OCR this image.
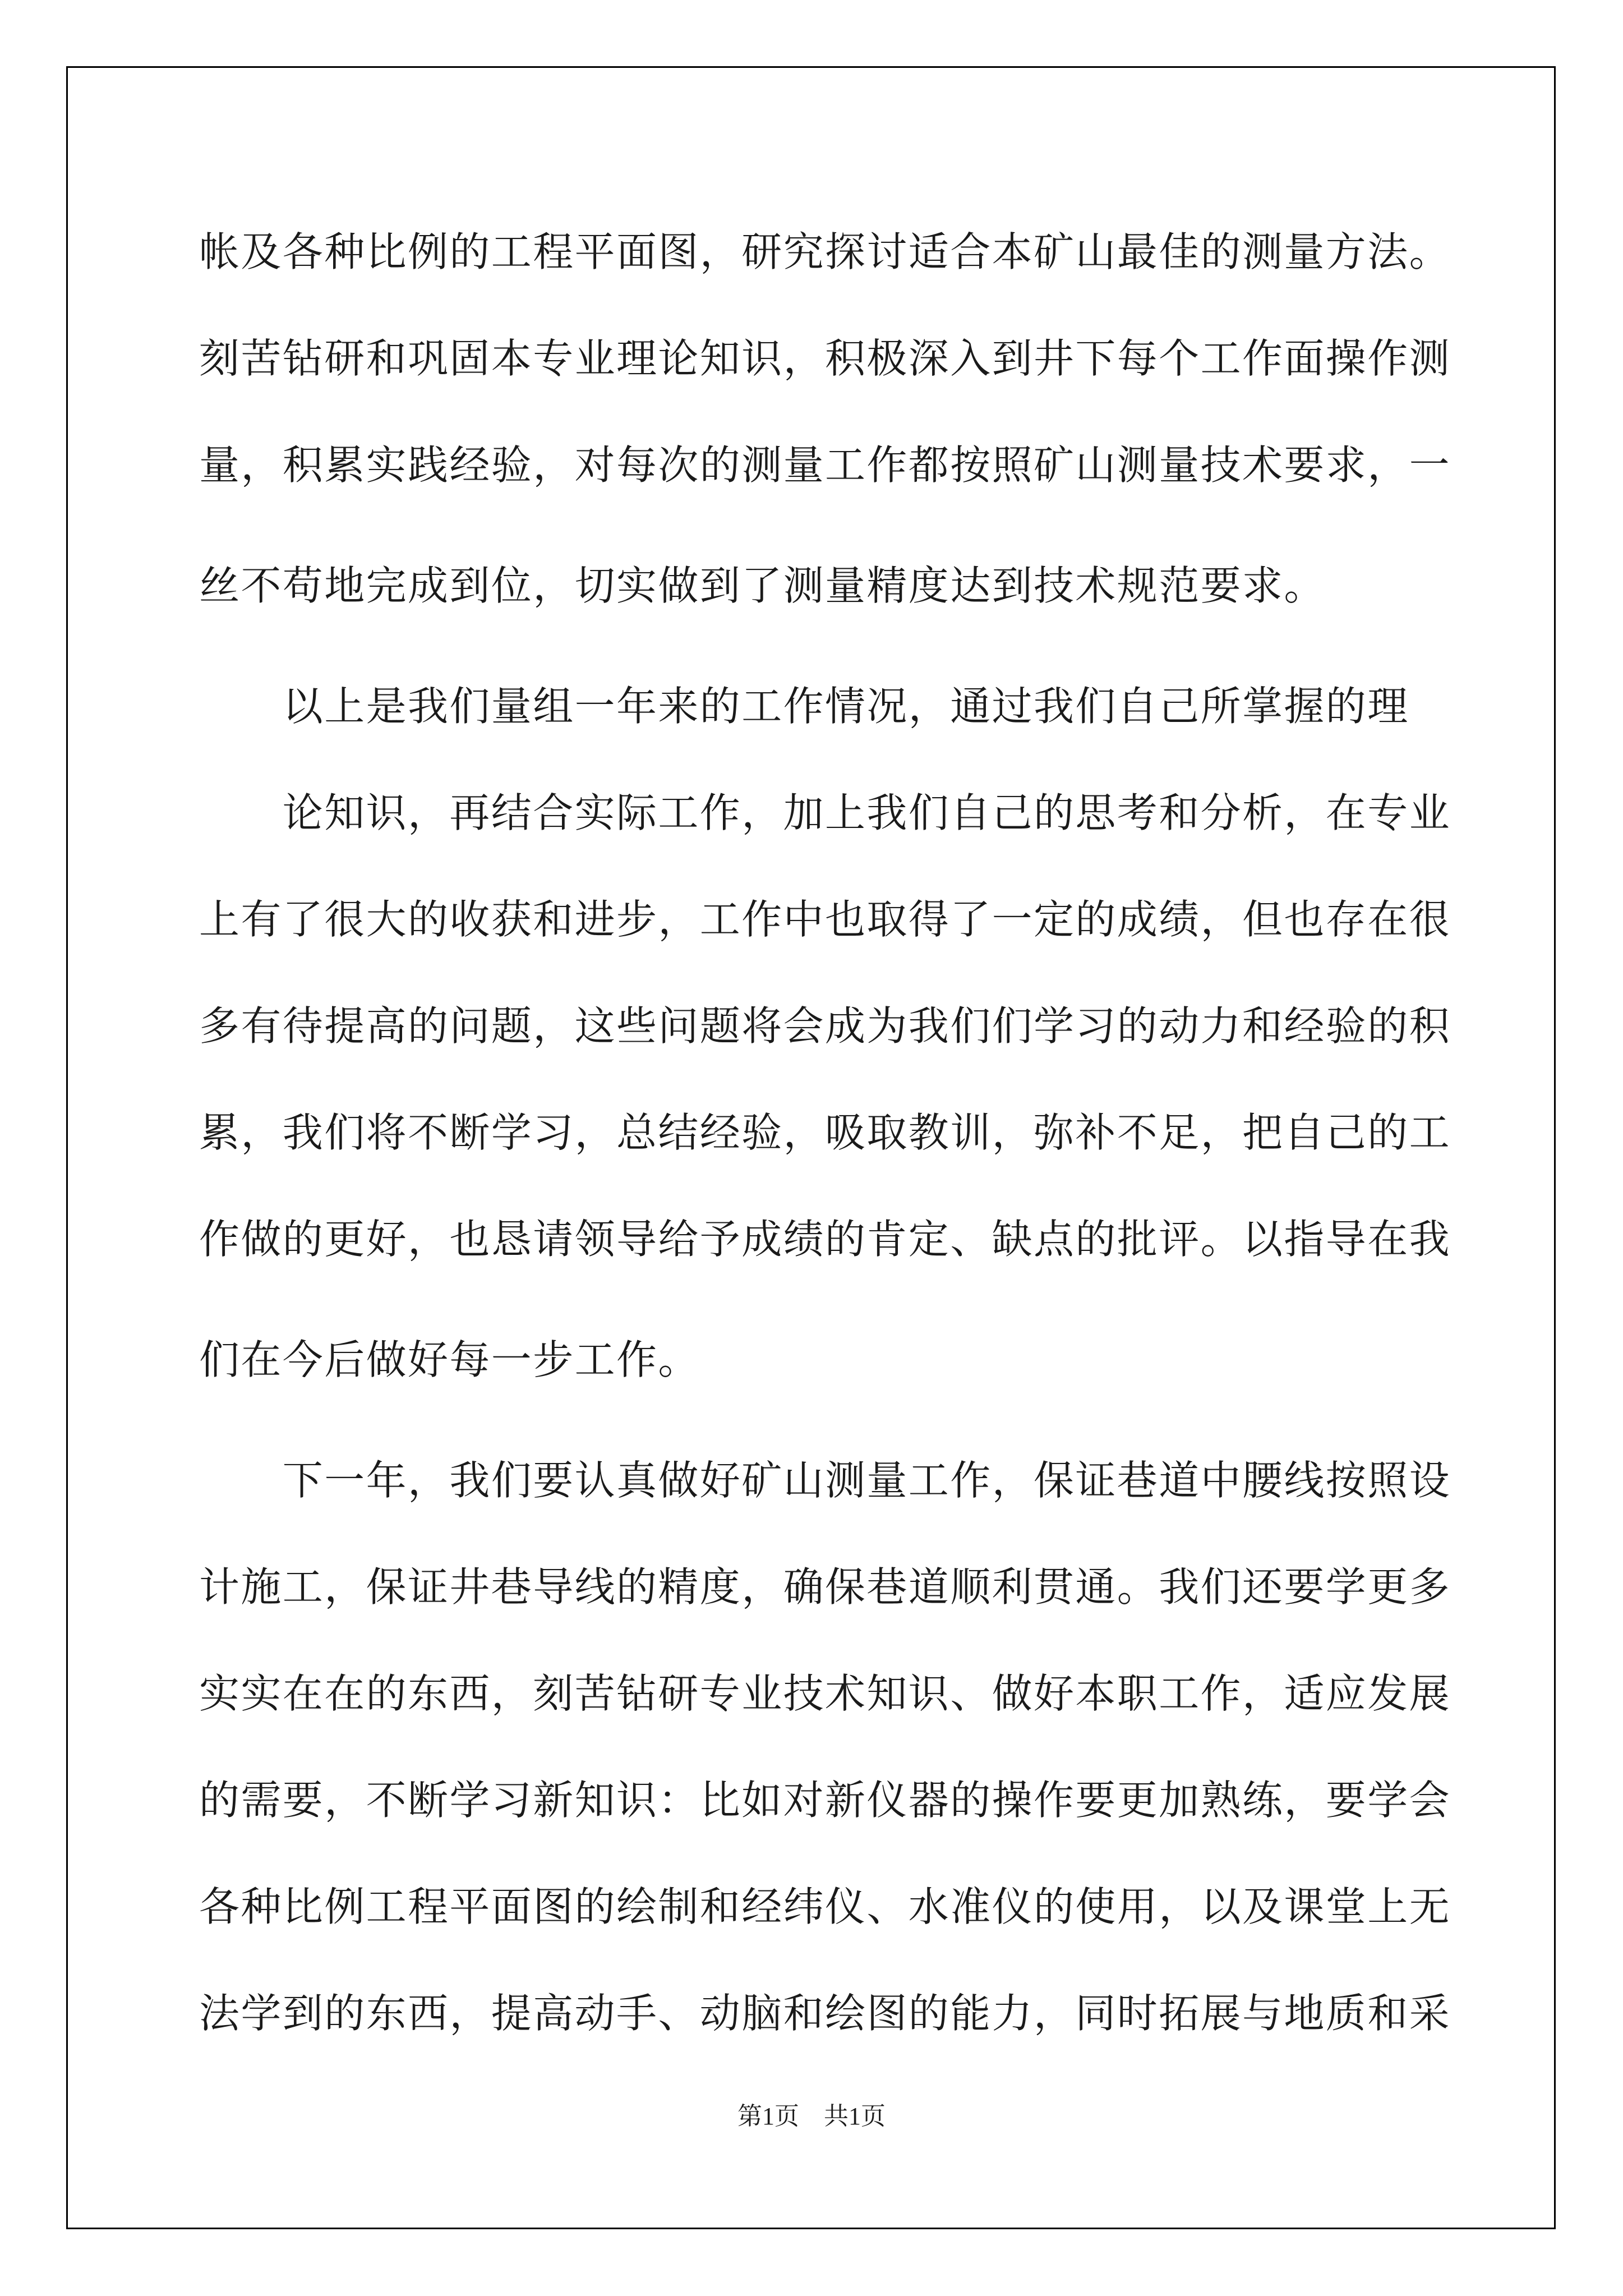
帐及各种比例的工程平面图，研究探讨适合本矿山最佳的测量方法。
刻苦钻研和巩固本专业理论知识，积极深入到井下每个工作面操作测
量，积累实践经验，对每次的测量工作都按照矿山测量技术要求，一
丝不苟地完成到位，切实做到了测量精度达到技术规范要求。
　　以上是我们量组一年来的工作情况，通过我们自己所掌握的理
　　论知识，再结合实际工作，加上我们自己的思考和分析，在专业
上有了很大的收获和进步，工作中也取得了一定的成绩，但也存在很
多有待提高的问题，这些问题将会成为我们们学习的动力和经验的积
累，我们将不断学习，总结经验，吸取教训，弥补不足，把自己的工
作做的更好，也恳请领导给予成绩的肯定、缺点的批评。以指导在我
们在今后做好每一步工作。
　　下一年，我们要认真做好矿山测量工作，保证巷道中腰线按照设
计施工，保证井巷导线的精度，确保巷道顺利贯通。我们还要学更多
实实在在的东西，刻苦钻研专业技术知识、做好本职工作，适应发展
的需要，不断学习新知识：比如对新仪器的操作要更加熟练，要学会
各种比例工程平面图的绘制和经纬仪、水准仪的使用，以及课堂上无
法学到的东西，提高动手、动脑和绘图的能力，同时拓展与地质和采
第1页　共1页
